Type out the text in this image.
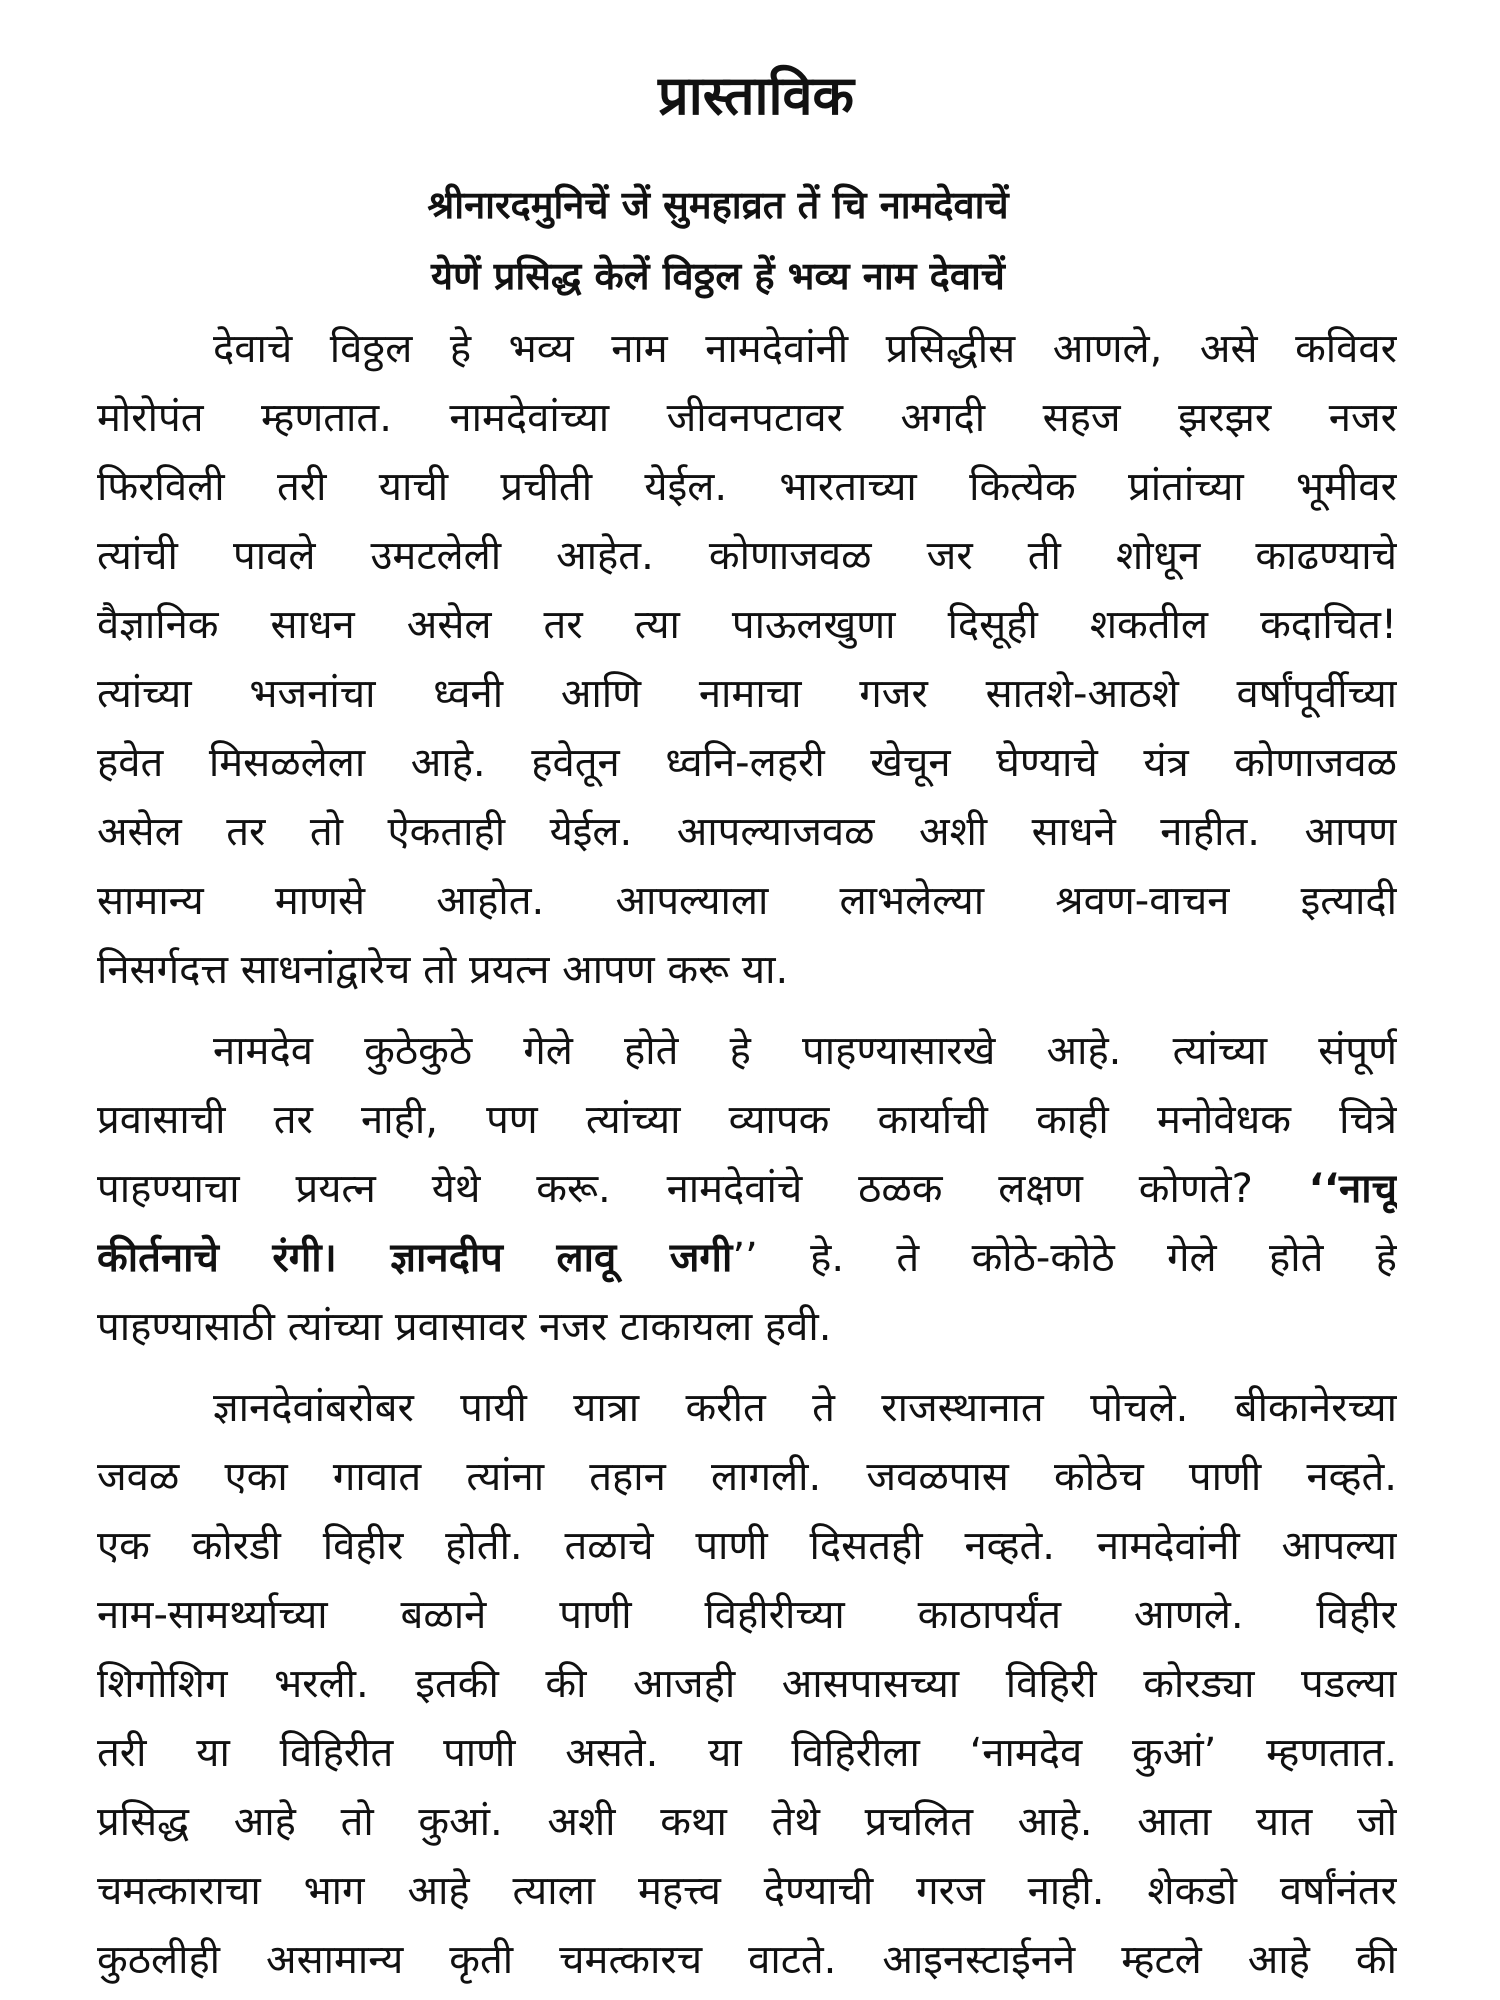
प्रास्ताविक
श्रीनारदमुनिचें जें सुमहाव्रत तें चि नामदेवाचें
येणें प्रसिद्ध केलें विठ्ठल हें भव्य नाम देवाचें
देवाचे विठ्ठल हे भव्य नाम नामदेवांनी प्रसिद्धीस आणले, असे कविवर
मोरोपंत म्हणतात. नामदेवांच्या जीवनपटावर अगदी सहज झरझर नजर
फिरविली तरी याची प्रचीती येईल. भारताच्या कित्येक प्रांतांच्या भूमीवर
त्यांची पावले उमटलेली आहेत. कोणाजवळ जर ती शोधून काढण्याचे
वैज्ञानिक साधन असेल तर त्या पाऊलखुणा दिसूही शकतील कदाचित!
त्यांच्या भजनांचा ध्वनी आणि नामाचा गजर सातशे-आठशे वर्षांपूर्वीच्या
हवेत मिसळलेला आहे. हवेतून ध्वनि-लहरी खेचून घेण्याचे यंत्र कोणाजवळ
असेल तर तो ऐकताही येईल. आपल्याजवळ अशी साधने नाहीत. आपण
सामान्य माणसे आहोत. आपल्याला लाभलेल्या श्रवण-वाचन इत्यादी
निसर्गदत्त साधनांद्वारेच तो प्रयत्न आपण करू या.
नामदेव कुठेकुठे गेले होते हे पाहण्यासारखे आहे. त्यांच्या संपूर्ण
प्रवासाची तर नाही, पण त्यांच्या व्यापक कार्याची काही मनोवेधक चित्रे
पाहण्याचा प्रयत्न येथे करू. नामदेवांचे ठळक लक्षण कोणते? ‘‘नाचू
कीर्तनाचे रंगी। ज्ञानदीप लावू जगी’’ हे. ते कोठे-कोठे गेले होते हे
पाहण्यासाठी त्यांच्या प्रवासावर नजर टाकायला हवी.
ज्ञानदेवांबरोबर पायी यात्रा करीत ते राजस्थानात पोचले. बीकानेरच्या
जवळ एका गावात त्यांना तहान लागली. जवळपास कोठेच पाणी नव्हते.
एक कोरडी विहीर होती. तळाचे पाणी दिसतही नव्हते. नामदेवांनी आपल्या
नाम-सामर्थ्याच्या बळाने पाणी विहीरीच्या काठापर्यंत आणले. विहीर
शिगोशिग भरली. इतकी की आजही आसपासच्या विहिरी कोरड्या पडल्या
तरी या विहिरीत पाणी असते. या विहिरीला ‘नामदेव कुआं’ म्हणतात.
प्रसिद्ध आहे तो कुआं. अशी कथा तेथे प्रचलित आहे. आता यात जो
चमत्काराचा भाग आहे त्याला महत्त्व देण्याची गरज नाही. शेकडो वर्षांनंतर
कुठलीही असामान्य कृती चमत्कारच वाटते. आइनस्टाईनने म्हटले आहे की
